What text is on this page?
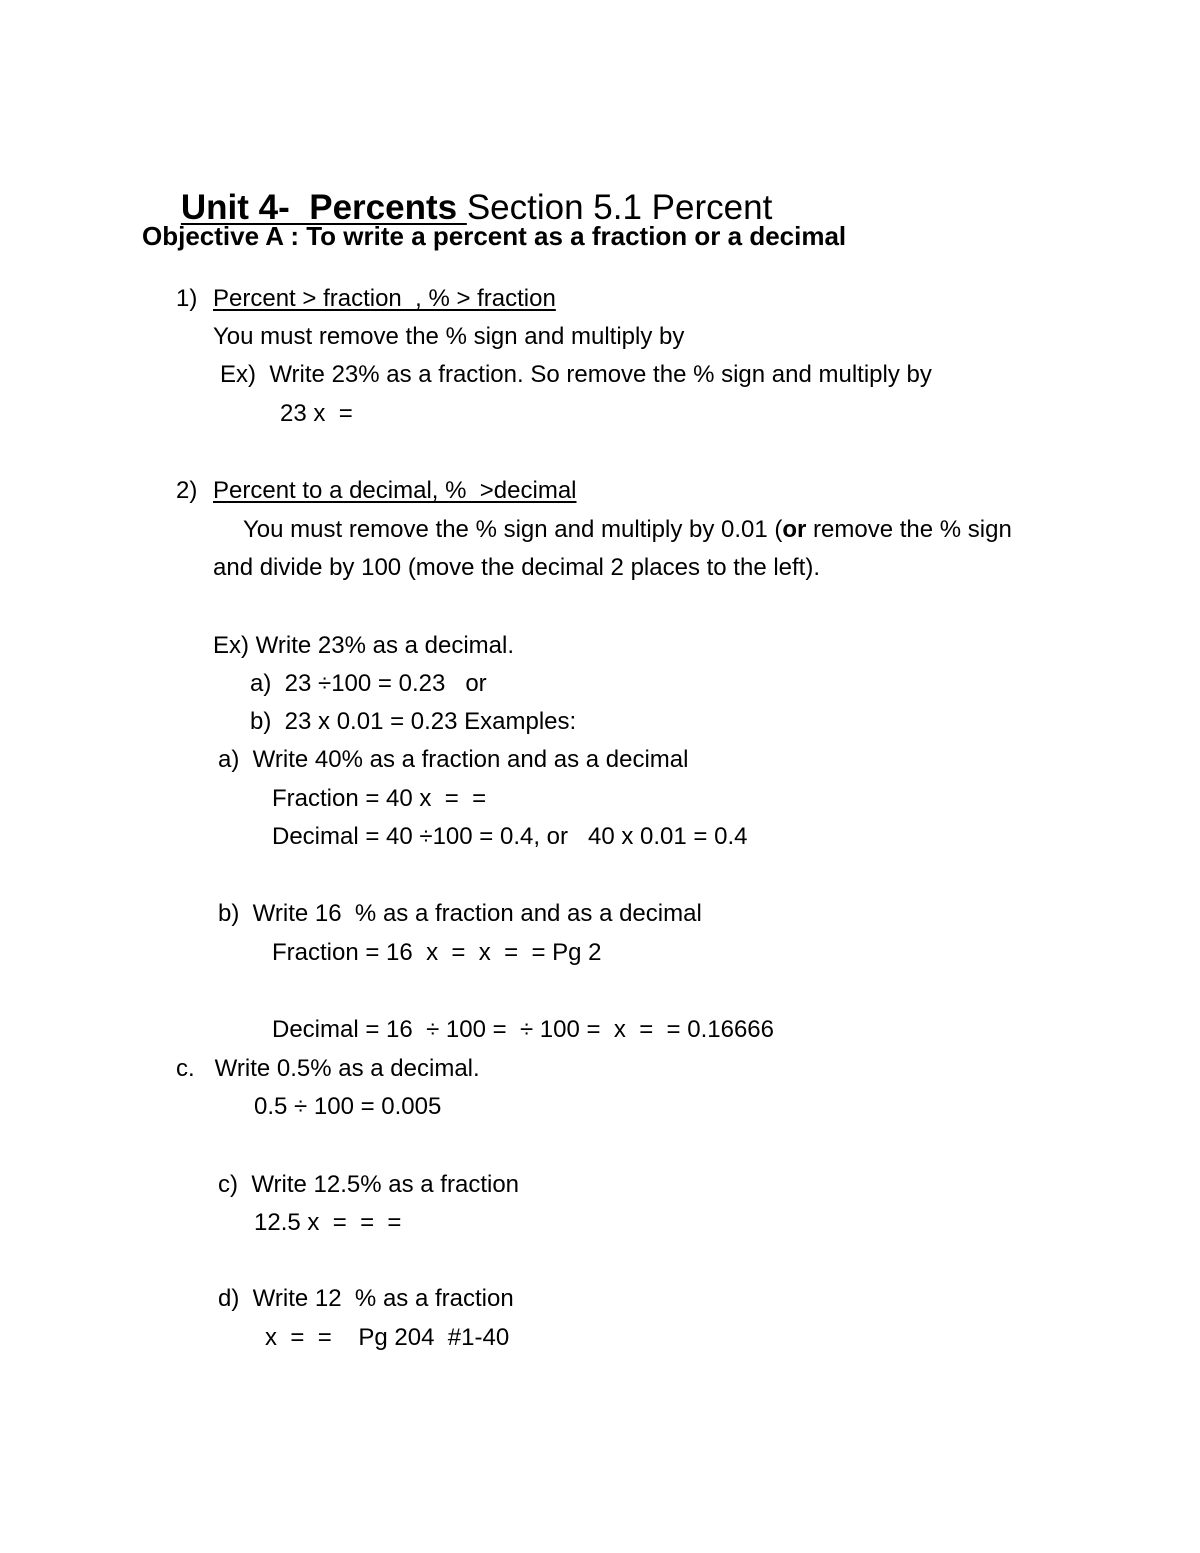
Unit 4-  Percents Section 5.1 Percent

Objective A : To write a percent as a fraction or a decimal
1) Percent > fraction  , % > fraction
You must remove the % sign and multiply by
Ex)  Write 23% as a fraction. So remove the % sign and multiply by
23 x  =
2) Percent to a decimal, %  >decimal
You must remove the % sign and multiply by 0.01 (or remove the % sign
and divide by 100 (move the decimal 2 places to the left).
Ex) Write 23% as a decimal.
a)  23 ÷100 = 0.23   or
b)  23 x 0.01 = 0.23 Examples:
a)  Write 40% as a fraction and as a decimal
Fraction = 40 x  =  =
Decimal = 40 ÷100 = 0.4, or   40 x 0.01 = 0.4
b)  Write 16  % as a fraction and as a decimal
Fraction = 16  x  =  x  =  = Pg 2
Decimal = 16  ÷ 100 =  ÷ 100 =  x  =  = 0.16666
c.   Write 0.5% as a decimal.
0.5 ÷ 100 = 0.005
c)  Write 12.5% as a fraction
12.5 x  =  =  =
d)  Write 12  % as a fraction
x  =  =    Pg 204  #1-40
